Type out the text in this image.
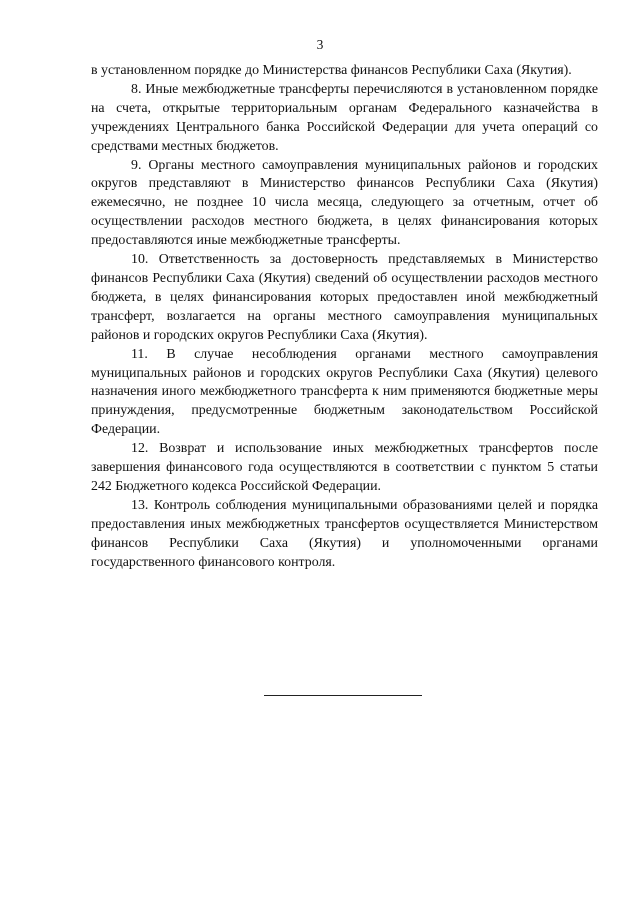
3

в установленном порядке до Министерства финансов Республики Саха (Якутия).

8. Иные межбюджетные трансферты перечисляются в установленном порядке на счета, открытые территориальным органам Федерального казначейства в учреждениях Центрального банка Российской Федерации для учета операций со средствами местных бюджетов.

9. Органы местного самоуправления муниципальных районов и городских округов представляют в Министерство финансов Республики Саха (Якутия) ежемесячно, не позднее 10 числа месяца, следующего за отчетным, отчет об осуществлении расходов местного бюджета, в целях финансирования которых предоставляются иные межбюджетные трансферты.

10. Ответственность за достоверность представляемых в Министерство финансов Республики Саха (Якутия) сведений об осуществлении расходов местного бюджета, в целях финансирования которых предоставлен иной межбюджетный трансферт, возлагается на органы местного самоуправления муниципальных районов и городских округов Республики Саха (Якутия).

11. В случае несоблюдения органами местного самоуправления муниципальных районов и городских округов Республики Саха (Якутия) целевого назначения иного межбюджетного трансферта к ним применяются бюджетные меры принуждения, предусмотренные бюджетным законодательством Российской Федерации.

12. Возврат и использование иных межбюджетных трансфертов после завершения финансового года осуществляются в соответствии с пунктом 5 статьи 242 Бюджетного кодекса Российской Федерации.

13. Контроль соблюдения муниципальными образованиями целей и порядка предоставления иных межбюджетных трансфертов осуществляется Министерством финансов Республики Саха (Якутия) и уполномоченными органами государственного финансового контроля.
